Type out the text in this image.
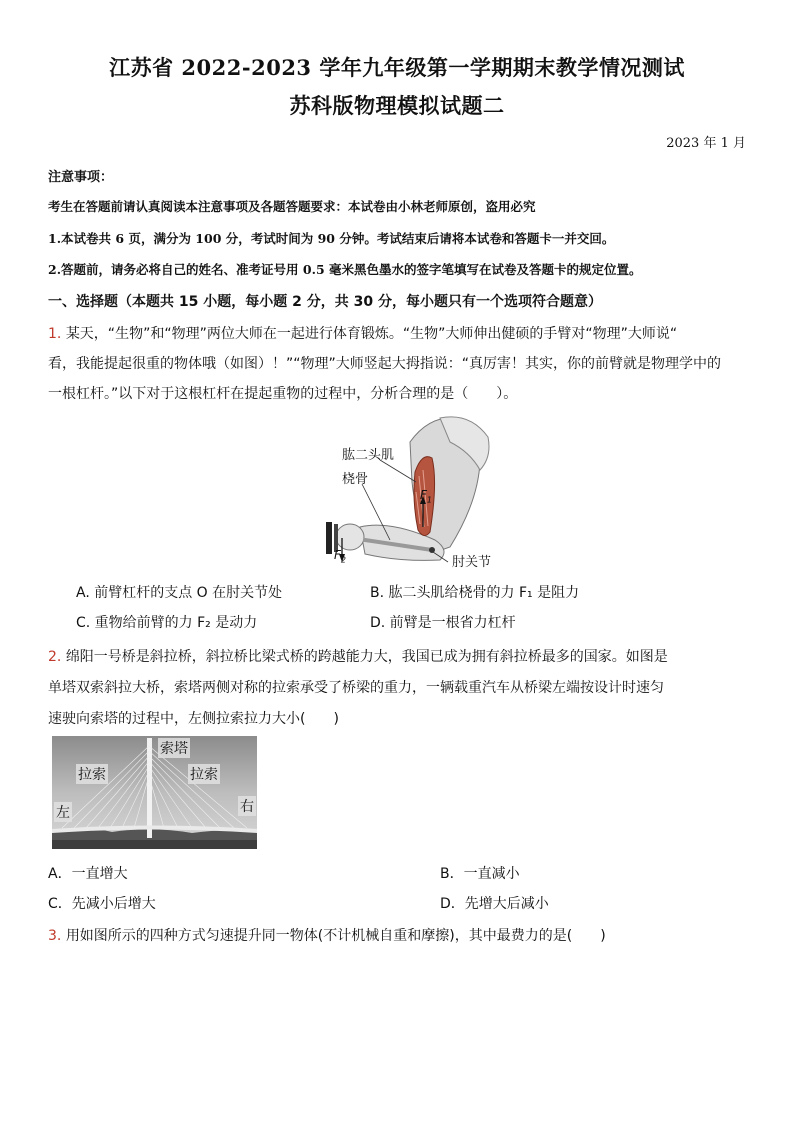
江苏省 2022-2023 学年九年级第一学期期末教学情况测试
苏科版物理模拟试题二
2023 年 1 月
注意事项：
考生在答题前请认真阅读本注意事项及各题答题要求：本试卷由小林老师原创，盗用必究
1.本试卷共 6 页，满分为 100 分，考试时间为 90 分钟。考试结束后请将本试卷和答题卡一并交回。
2.答题前，请务必将自己的姓名、准考证号用 0.5 毫米黑色墨水的签字笔填写在试卷及答题卡的规定位置。
一、选择题（本题共 15 小题，每小题 2 分，共 30 分，每小题只有一个选项符合题意）
1. 某天，“生物”和“物理”两位大师在一起进行体育锻炼。“生物”大师伸出健硕的手臂对“物理”大师说“
看，我能提起很重的物体哦（如图）！”“物理”大师竖起大拇指说：“真厉害！其实，你的前臂就是物理学中的
一根杠杆。”以下对于这根杠杆在提起重物的过程中，分析合理的是（　　）。
肱二头肌
桡骨
肘关节
$F_1$
$F_2$
A. 前臂杠杆的支点 O 在肘关节处	B. 肱二头肌给桡骨的力 F₁ 是阻力
C. 重物给前臂的力 F₂ 是动力	D. 前臂是一根省力杠杆
2. 绵阳一号桥是斜拉桥，斜拉桥比梁式桥的跨越能力大，我国已成为拥有斜拉桥最多的国家。如图是
单塔双索斜拉大桥，索塔两侧对称的拉索承受了桥梁的重力，一辆载重汽车从桥梁左端按设计时速匀
速驶向索塔的过程中，左侧拉索拉力大小(　　)
索塔
拉索	拉索
左	右
A．一直增大	B．一直减小
C．先减小后增大	D．先增大后减小
3. 用如图所示的四种方式匀速提升同一物体(不计机械自重和摩擦)，其中最费力的是(　　)
